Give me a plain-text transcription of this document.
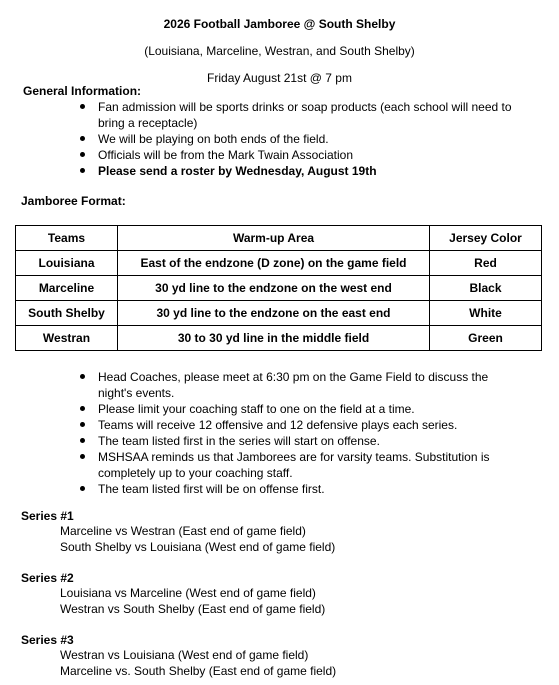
2026 Football Jamboree @ South Shelby
(Louisiana, Marceline, Westran, and South Shelby)
Friday August 21st @ 7 pm
General Information:
Fan admission will be sports drinks or soap products (each school will need to bring a receptacle)
We will be playing on both ends of the field.
Officials will be from the Mark Twain Association
Please send a roster by Wednesday, August 19th
Jamboree Format:
Teams	Warm-up Area	Jersey Color
Louisiana	East of the endzone (D zone) on the game field	Red
Marceline	30 yd line to the endzone on the west end	Black
South Shelby	30 yd line to the endzone on the east end	White
Westran	30 to 30 yd line in the middle field	Green
Head Coaches, please meet at 6:30 pm on the Game Field to discuss the night's events.
Please limit your coaching staff to one on the field at a time.
Teams will receive 12 offensive and 12 defensive plays each series.
The team listed first in the series will start on offense.
MSHSAA reminds us that Jamborees are for varsity teams. Substitution is completely up to your coaching staff.
The team listed first will be on offense first.
Series #1
Marceline vs Westran (East end of game field)
South Shelby vs Louisiana (West end of game field)
Series #2
Louisiana vs Marceline (West end of game field)
Westran vs South Shelby (East end of game field)
Series #3
Westran vs Louisiana (West end of game field)
Marceline vs. South Shelby (East end of game field)
